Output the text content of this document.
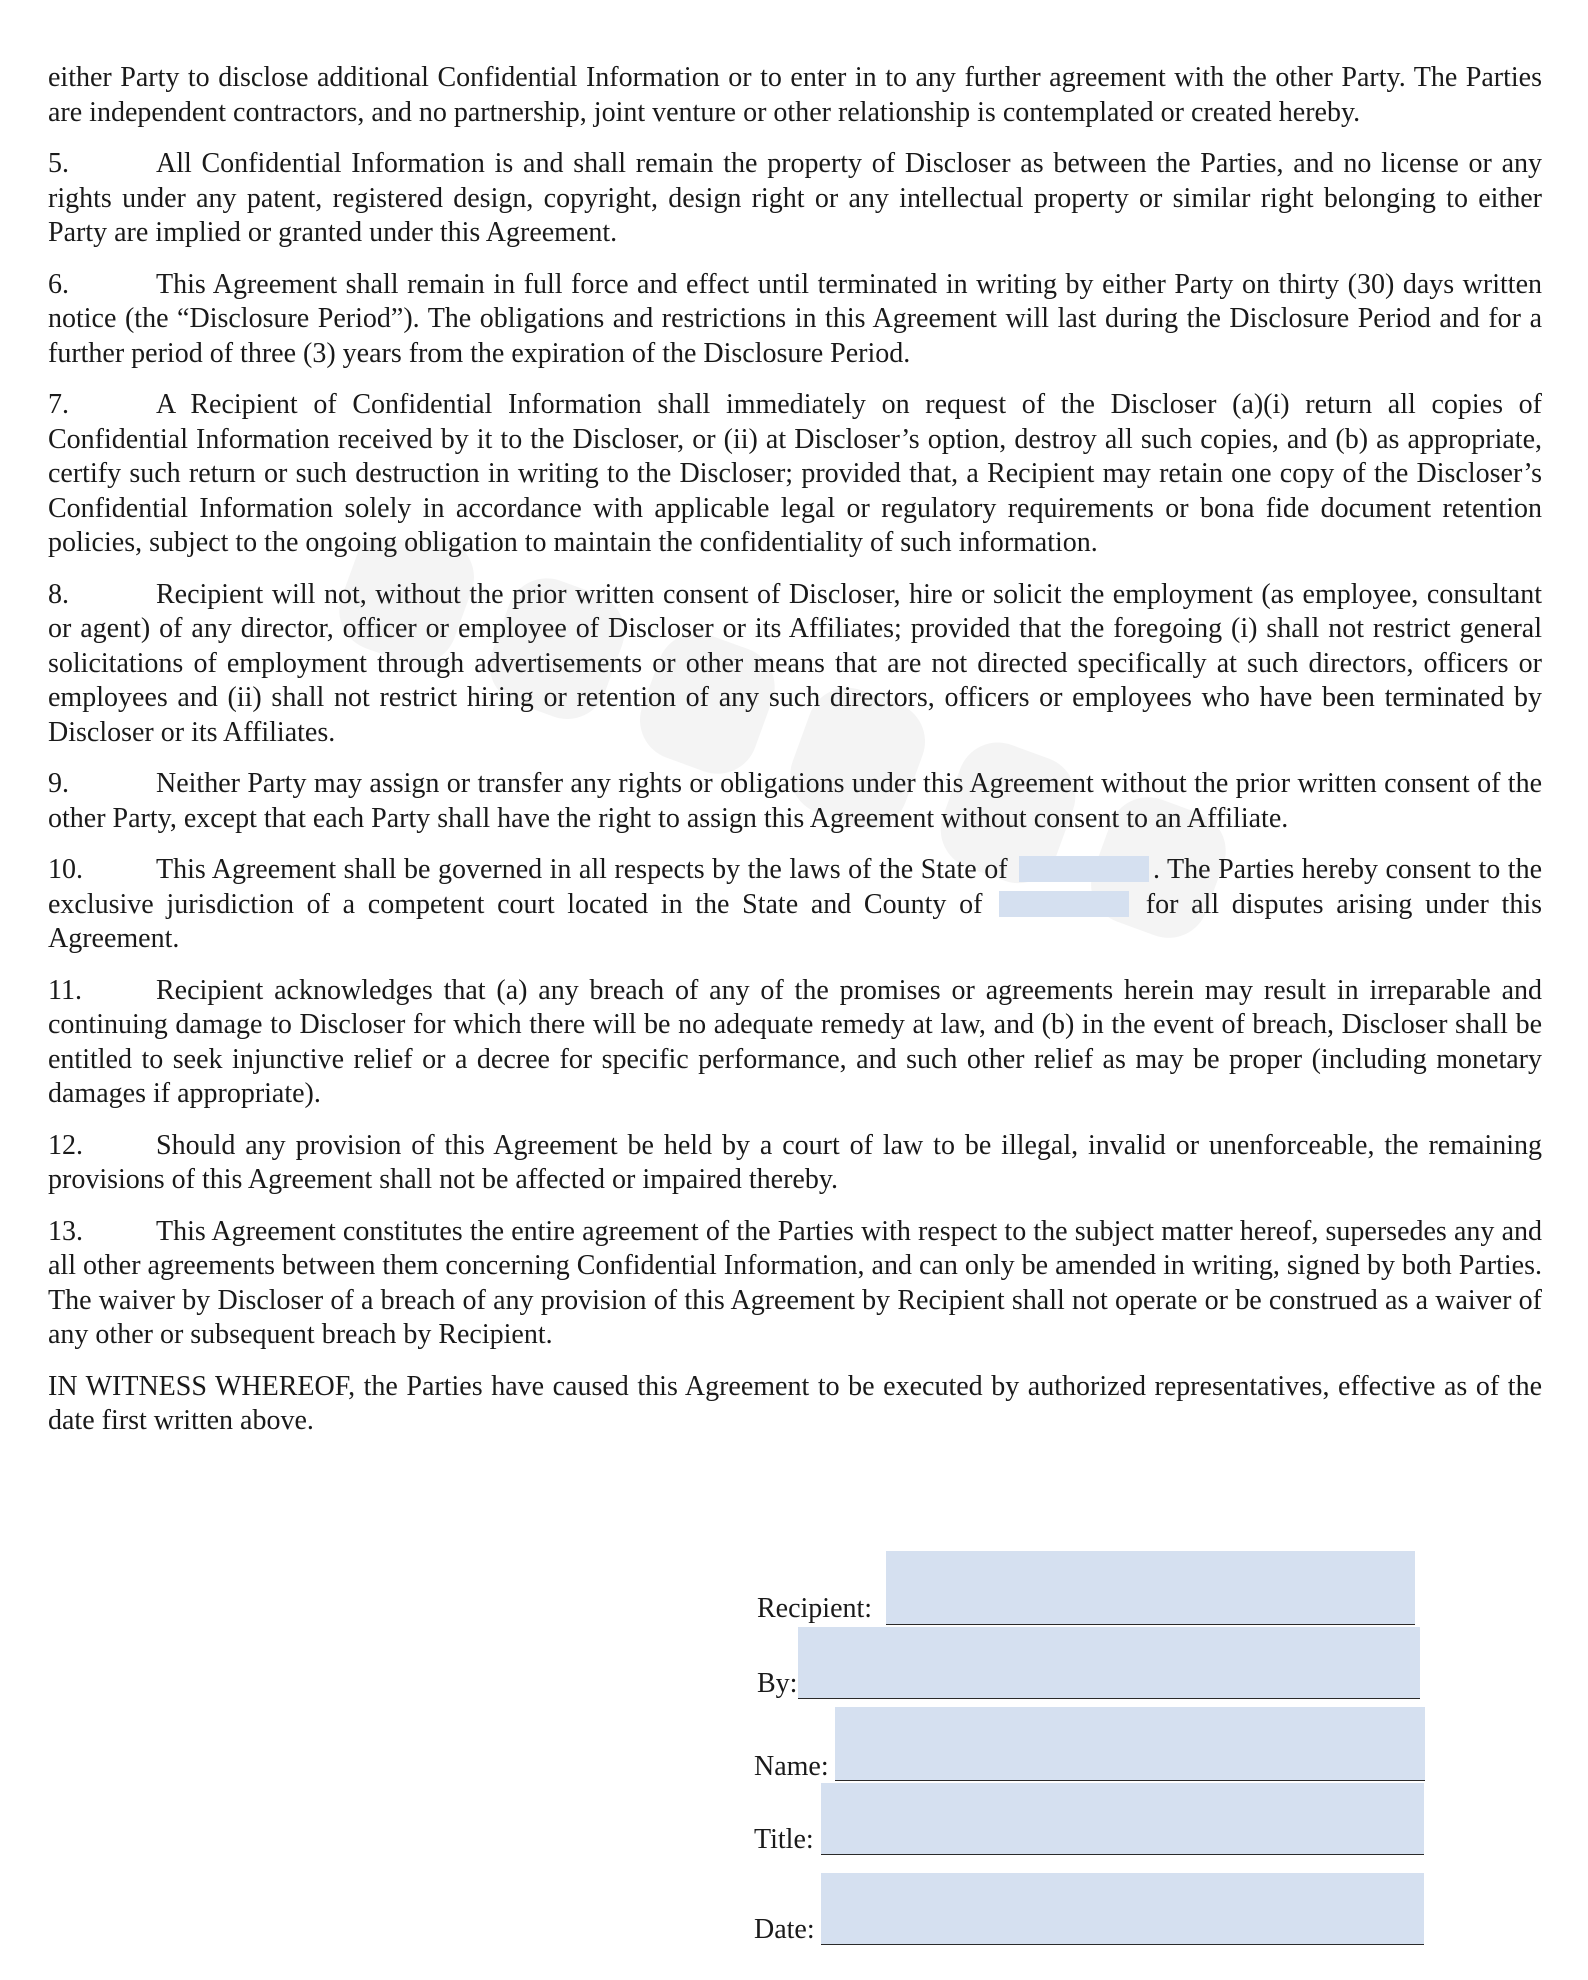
either Party to disclose additional Confidential Information or to enter in to any further agreement with the other Party. The Parties are independent contractors, and no partnership, joint venture or other relationship is contemplated or created hereby.

5.	All Confidential Information is and shall remain the property of Discloser as between the Parties, and no license or any rights under any patent, registered design, copyright, design right or any intellectual property or similar right belonging to either Party are implied or granted under this Agreement.

6.	This Agreement shall remain in full force and effect until terminated in writing by either Party on thirty (30) days written notice (the “Disclosure Period”). The obligations and restrictions in this Agreement will last during the Disclosure Period and for a further period of three (3) years from the expiration of the Disclosure Period.

7.	A Recipient of Confidential Information shall immediately on request of the Discloser (a)(i) return all copies of Confidential Information received by it to the Discloser, or (ii) at Discloser’s option, destroy all such copies, and (b) as appropriate, certify such return or such destruction in writing to the Discloser; provided that, a Recipient may retain one copy of the Discloser’s Confidential Information solely in accordance with applicable legal or regulatory requirements or bona fide document retention policies, subject to the ongoing obligation to maintain the confidentiality of such information.

8.	Recipient will not, without the prior written consent of Discloser, hire or solicit the employment (as employee, consultant or agent) of any director, officer or employee of Discloser or its Affiliates; provided that the foregoing (i) shall not restrict general solicitations of employment through advertisements or other means that are not directed specifically at such directors, officers or employees and (ii) shall not restrict hiring or retention of any such directors, officers or employees who have been terminated by Discloser or its Affiliates.

9.	Neither Party may assign or transfer any rights or obligations under this Agreement without the prior written consent of the other Party, except that each Party shall have the right to assign this Agreement without consent to an Affiliate.

10.	This Agreement shall be governed in all respects by the laws of the State of	. The Parties hereby consent to the exclusive jurisdiction of a competent court located in the State and County of	for all disputes arising under this Agreement.

11.	Recipient acknowledges that (a) any breach of any of the promises or agreements herein may result in irreparable and continuing damage to Discloser for which there will be no adequate remedy at law, and (b) in the event of breach, Discloser shall be entitled to seek injunctive relief or a decree for specific performance, and such other relief as may be proper (including monetary damages if appropriate).

12.	Should any provision of this Agreement be held by a court of law to be illegal, invalid or unenforceable, the remaining provisions of this Agreement shall not be affected or impaired thereby.

13.	This Agreement constitutes the entire agreement of the Parties with respect to the subject matter hereof, supersedes any and all other agreements between them concerning Confidential Information, and can only be amended in writing, signed by both Parties. The waiver by Discloser of a breach of any provision of this Agreement by Recipient shall not operate or be construed as a waiver of any other or subsequent breach by Recipient.

IN WITNESS WHEREOF, the Parties have caused this Agreement to be executed by authorized representatives, effective as of the date first written above.

Recipient:
By:
Name:
Title:
Date:
